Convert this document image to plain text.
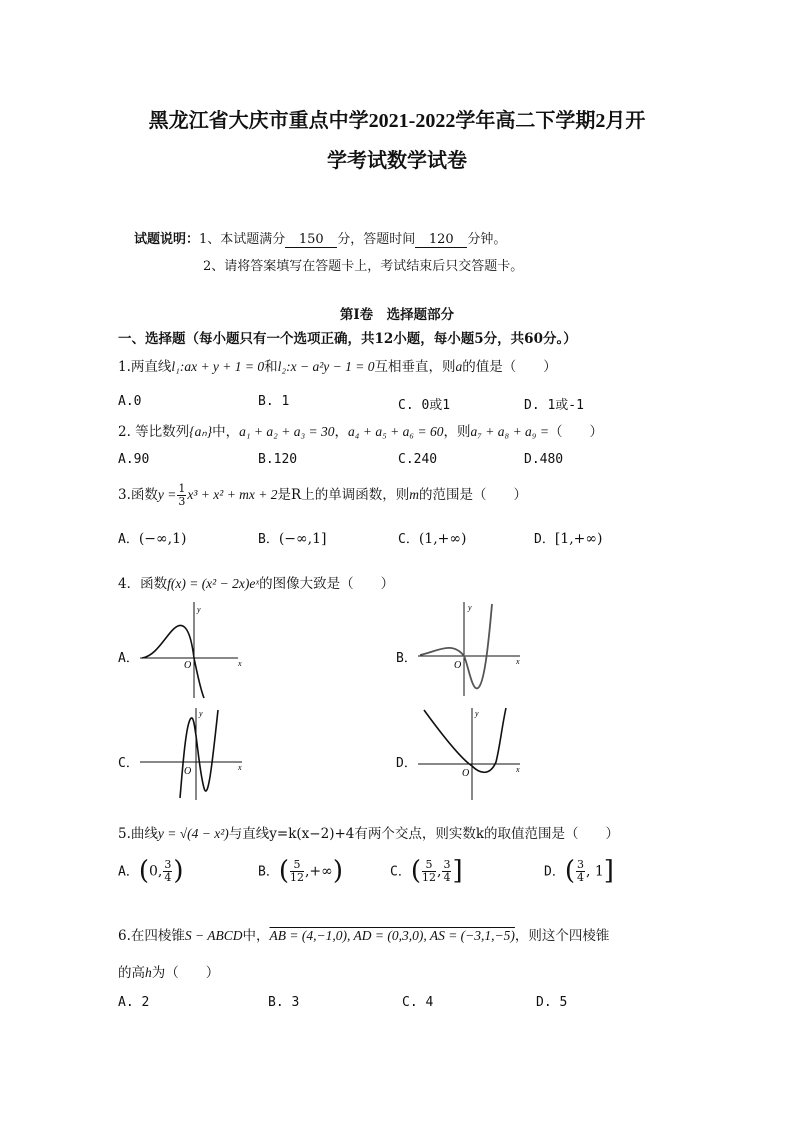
黑龙江省大庆市重点中学2021-2022学年高二下学期2月开
学考试数学试卷
试题说明：1、本试题满分 150 分，答题时间 120 分钟。
2、请将答案填写在答题卡上，考试结束后只交答题卡。
第Ⅰ卷　选择题部分
一、选择题（每小题只有一个选项正确，共12小题，每小题5分，共60分。）
1.两直线l₁:ax + y + 1 = 0和l₂:x − a²y − 1 = 0互相垂直，则a的值是（　　）
A.0	B. 1	C. 0或1	D. 1或-1
2. 等比数列{aₙ}中，a₁ + a₂ + a₃ = 30，a₄ + a₅ + a₆ = 60，则a₇ + a₈ + a₉ =（　　）
A.90	B.120	C.240	D.480
3.函数$y = \frac{1}{3} x^3 + x^2$ + mx + 2是R上的单调函数，则m的范围是（　　）
A．(−∞,1)	B．(−∞,1]	C．(1,+∞)	D．[1,+∞)
4．函数f(x) = (x² − 2x)eˣ的图像大致是（　　）
A．	B．
C．	D．
y
x
O
y
x
O
y
x
O
y
x
O
5.曲线y = √(4 − x²)与直线y=k(x−2)+4有两个交点，则实数k的取值范围是（　　）
A．(0, $\frac{3}{4}$ )	B．( $\frac{5}{12}$ ,+∞)	C．( $\frac{5}{12}$ , $\frac{3}{4}$ ]	D．( $\frac{3}{4}$ , 1]
6.在四棱锥S − ABCD中，AB = (4,−1,0), AD = (0,3,0), AS = (−3,1,−5)，则这个四棱锥
的高h为（　　）
A. 2	B. 3	C. 4	D. 5
